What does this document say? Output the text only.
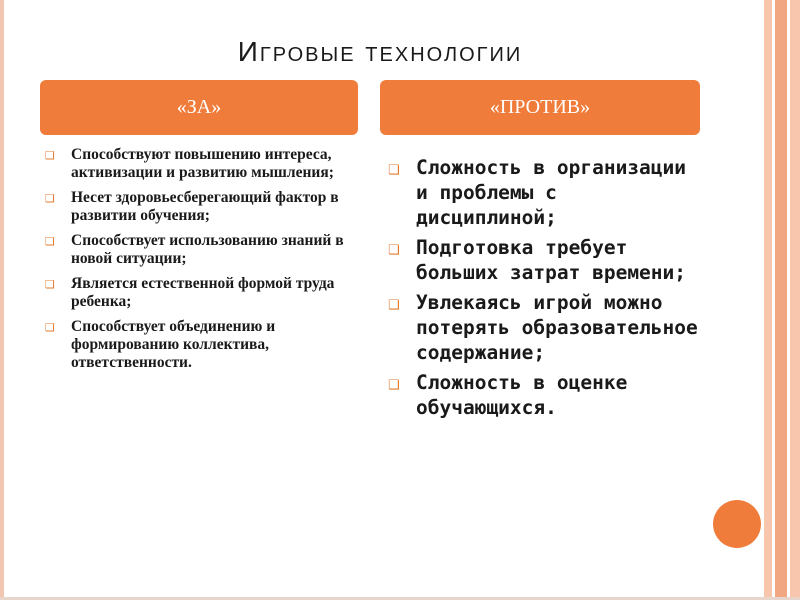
Игровые технологии
«ЗА»	«ПРОТИВ»
❑ Способствуют повышению интереса, активизации и развитию мышления;
❑ Несет здоровьесберегающий фактор в развитии обучения;
❑ Способствует использованию знаний в новой ситуации;
❑ Является естественной формой труда ребенка;
❑ Способствует объединению и формированию коллектива, ответственности.
❑ Сложность в организации и проблемы с дисциплиной;
❑ Подготовка требует больших затрат времени;
❑ Увлекаясь игрой можно потерять образовательное содержание;
❑ Сложность в оценке обучающихся.
